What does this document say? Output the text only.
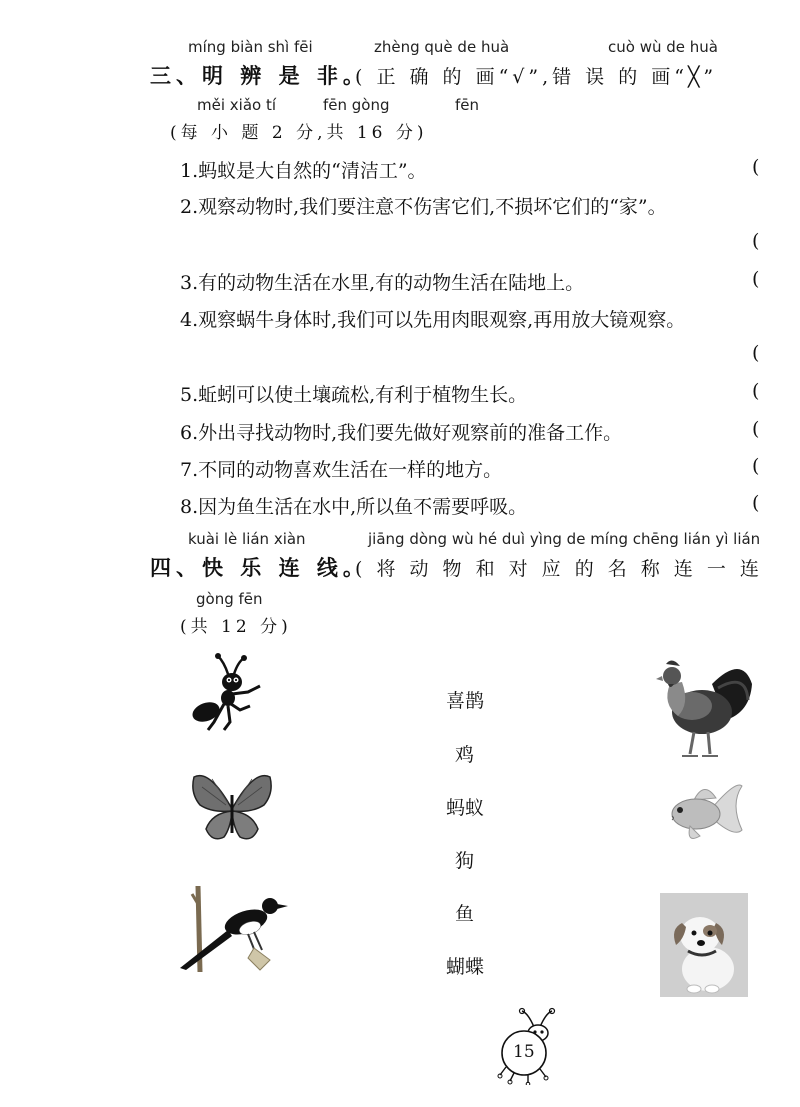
míng biàn shì fēi	zhèng què de huà	cuò wù de huà
三、明 辨 是 非。
( 正 确 的 画“√”,错 误 的 画“╳”
měi xiǎo tí	fēn gòng	fēn
(每 小 题 2 分,共 16 分)
1.蚂蚁是大自然的“清洁工”。	(
2.观察动物时,我们要注意不伤害它们,不损坏它们的“家”。
(
3.有的动物生活在水里,有的动物生活在陆地上。	(
4.观察蜗牛身体时,我们可以先用肉眼观察,再用放大镜观察。
(
5.蚯蚓可以使土壤疏松,有利于植物生长。	(
6.外出寻找动物时,我们要先做好观察前的准备工作。	(
7.不同的动物喜欢生活在一样的地方。	(
8.因为鱼生活在水中,所以鱼不需要呼吸。	(
kuài lè lián xiàn	jiāng dòng wù hé duì yìng de míng chēng lián yì lián
四、快 乐 连 线。
( 将 动 物 和 对 应 的 名 称 连 一 连
gòng fēn
(共 12 分)
喜鹊
鸡
蚂蚁
狗
鱼
蝴蝶
15
